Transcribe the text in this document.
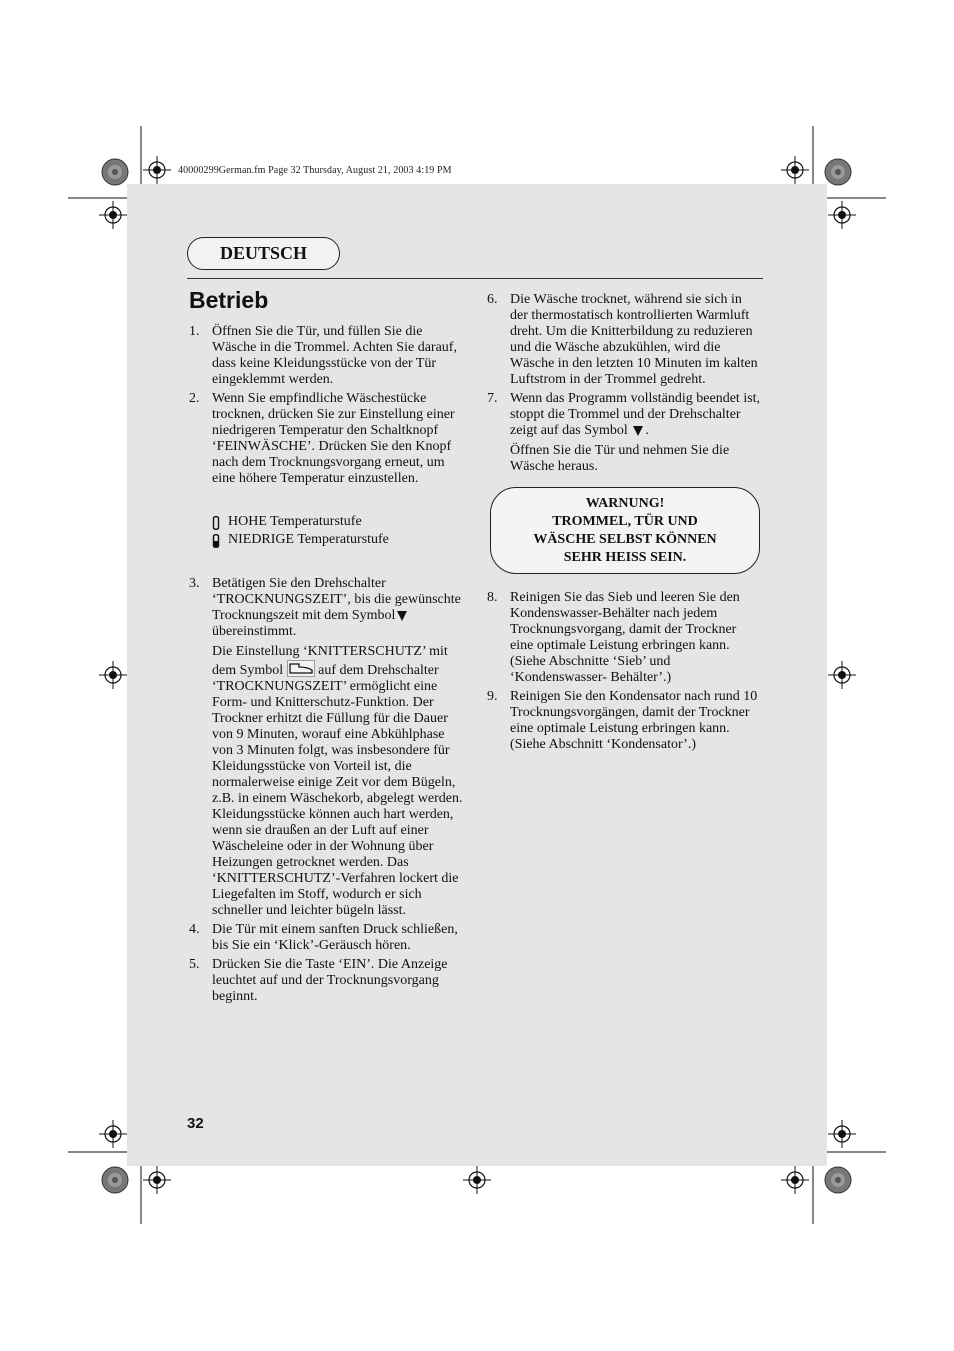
40000299German.fm Page 32 Thursday, August 21, 2003 4:19 PM
DEUTSCH
Betrieb
1. Öffnen Sie die Tür, und füllen Sie die Wäsche in die Trommel. Achten Sie darauf, dass keine Kleidungsstücke von der Tür eingeklemmt werden.
2. Wenn Sie empfindliche Wäschestücke trocknen, drücken Sie zur Einstellung einer niedrigeren Temperatur den Schaltknopf ‘FEINWÄSCHE’. Drücken Sie den Knopf nach dem Trocknungsvorgang erneut, um eine höhere Temperatur einzustellen.
HOHE Temperaturstufe
NIEDRIGE Temperaturstufe
3. Betätigen Sie den Drehschalter ‘TROCKNUNGSZEIT’, bis die gewünschte Trocknungszeit mit dem Symbol übereinstimmt.

Die Einstellung ‘KNITTERSCHUTZ’ mit dem Symbol  auf dem Drehschalter ‘TROCKNUNGSZEIT’ ermöglicht eine Form- und Knitterschutz-Funktion. Der Trockner erhitzt die Füllung für die Dauer von 9 Minuten, worauf eine Abkühlphase von 3 Minuten folgt, was insbesondere für Kleidungsstücke von Vorteil ist, die normalerweise einige Zeit vor dem Bügeln, z.B. in einem Wäschekorb, abgelegt werden. Kleidungsstücke können auch hart werden, wenn sie draußen an der Luft auf einer Wäscheleine oder in der Wohnung über Heizungen getrocknet werden. Das ‘KNITTERSCHUTZ’-Verfahren lockert die Liegefalten im Stoff, wodurch er sich schneller und leichter bügeln lässt.

4. Die Tür mit einem sanften Druck schließen, bis Sie ein ‘Klick’-Geräusch hören.
5. Drücken Sie die Taste ‘EIN’. Die Anzeige leuchtet auf und der Trocknungsvorgang beginnt.
6. Die Wäsche trocknet, während sie sich in der thermostatisch kontrollierten Warmluft dreht. Um die Knitterbildung zu reduzieren und die Wäsche abzukühlen, wird die Wäsche in den letzten 10 Minuten im kalten Luftstrom in der Trommel gedreht.
7. Wenn das Programm vollständig beendet ist, stoppt die Trommel und der Drehschalter zeigt auf das Symbol .

Öffnen Sie die Tür und nehmen Sie die Wäsche heraus.

WARNUNG!
TROMMEL, TÜR UND
WÄSCHE SELBST KÖNNEN
SEHR HEISS SEIN.
8. Reinigen Sie das Sieb und leeren Sie den Kondenswasser-Behälter nach jedem Trocknungsvorgang, damit der Trockner eine optimale Leistung erbringen kann. (Siehe Abschnitte ‘Sieb’ und ‘Kondenswasser- Behälter’.)
9. Reinigen Sie den Kondensator nach rund 10 Trocknungsvorgängen, damit der Trockner eine optimale Leistung erbringen kann. (Siehe Abschnitt ‘Kondensator’.)
32
